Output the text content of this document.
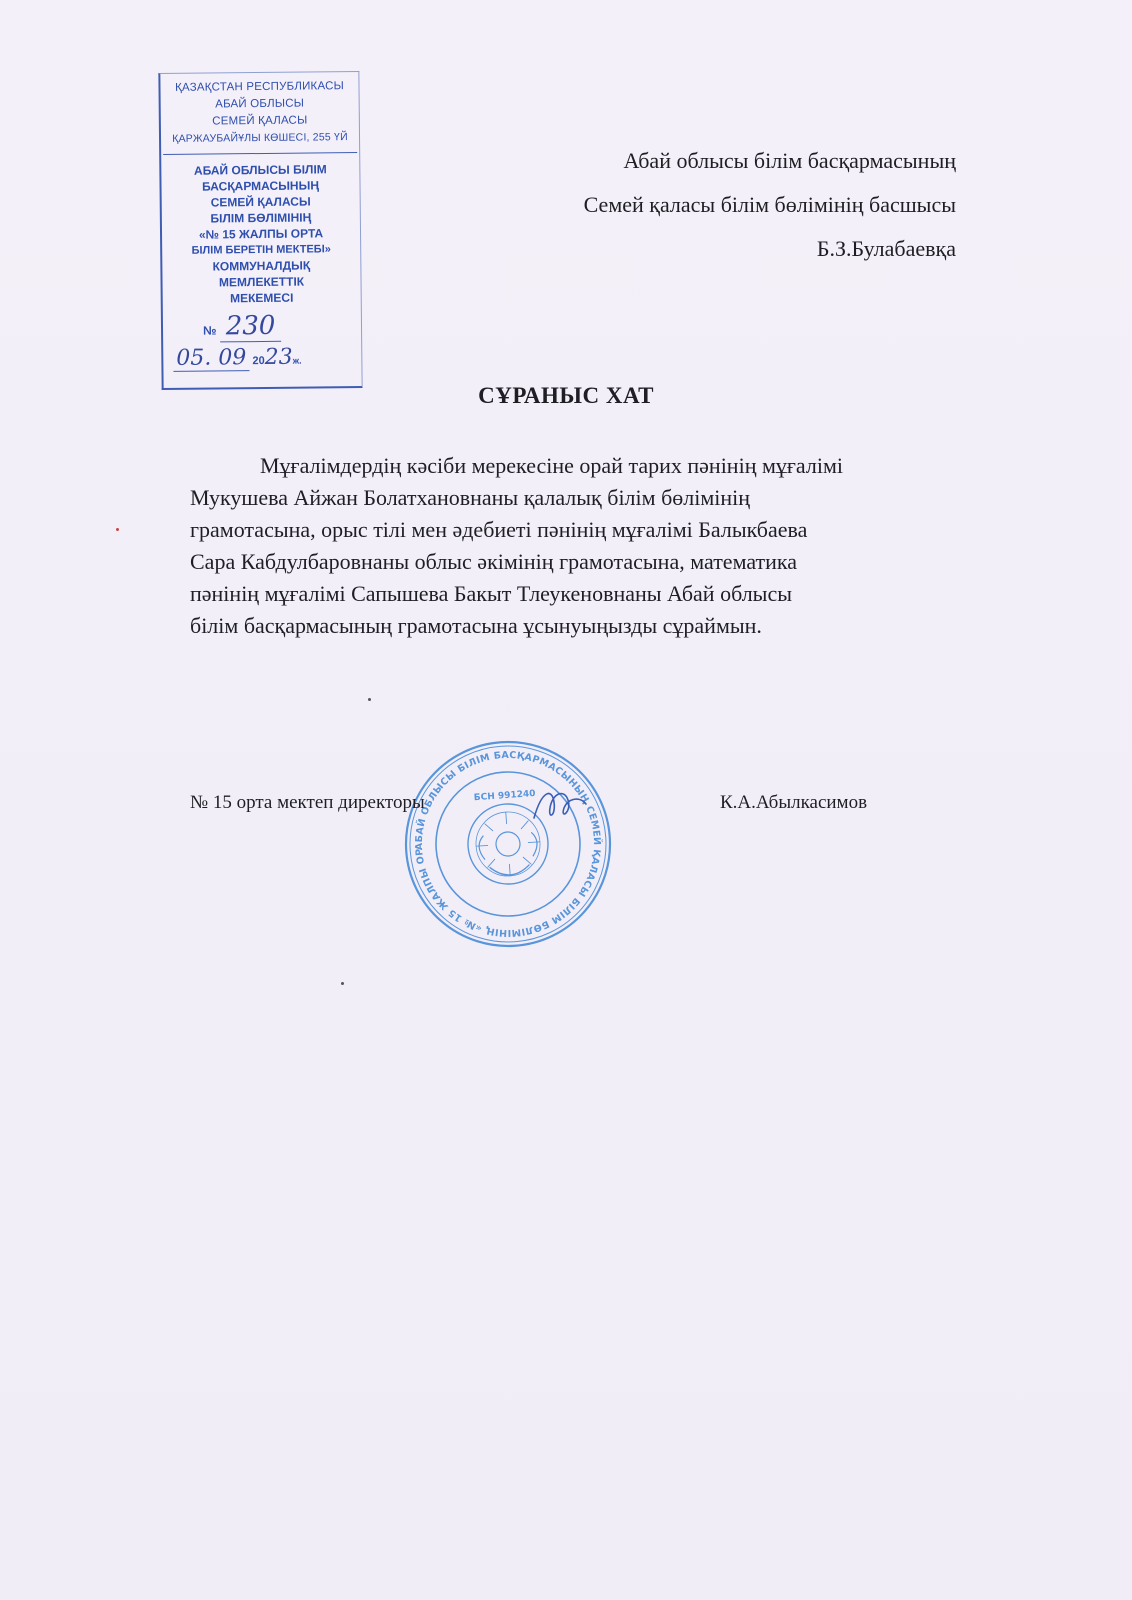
ҚАЗАҚСТАН РЕСПУБЛИКАСЫ
АБАЙ ОБЛЫСЫ
СЕМЕЙ ҚАЛАСЫ
ҚАРЖАУБАЙҰЛЫ КӨШЕСІ, 255 ҮЙ
АБАЙ ОБЛЫСЫ БІЛІМ
БАСҚАРМАСЫНЫҢ
СЕМЕЙ ҚАЛАСЫ
БІЛІМ БӨЛІМІНІҢ
«№ 15 ЖАЛПЫ ОРТА
БІЛІМ БЕРЕТІН МЕКТЕБІ»
КОММУНАЛДЫҚ
МЕМЛЕКЕТТІК
МЕКЕМЕСІ
№ 230
05. 09 2023ж.
Абай облысы білім басқармасының
Семей қаласы білім бөлімінің басшысы
Б.З.Булабаевқа
СҰРАНЫС ХАТ
Мұғалімдердің кәсіби мерекесіне орай тарих пәнінің мұғалімі
Мукушева Айжан Болатхановнаны қалалық білім бөлімінің
грамотасына, орыс тілі мен әдебиеті пәнінің мұғалімі Балыкбаева
Сара Кабдулбаровнаны облыс әкімінің грамотасына, математика
пәнінің мұғалімі Сапышева Бакыт Тлеукеновнаны Абай облысы
білім басқармасының грамотасына ұсынуыңызды сұраймын.
АБАЙ ОБЛЫСЫ БІЛІМ БАСҚАРМАСЫНЫҢ СЕМЕЙ ҚАЛАСЫ БІЛІМ БӨЛІМІНІҢ «№ 15 ЖАЛПЫ ОРТА БІЛІМ БЕРЕТІН МЕКТЕБІ» КОММУНАЛДЫҚ МЕМЛЕКЕТТІК МЕКЕМЕСІ
БСН 991240
№ 15 орта мектеп директоры	К.А.Абылкасимов
